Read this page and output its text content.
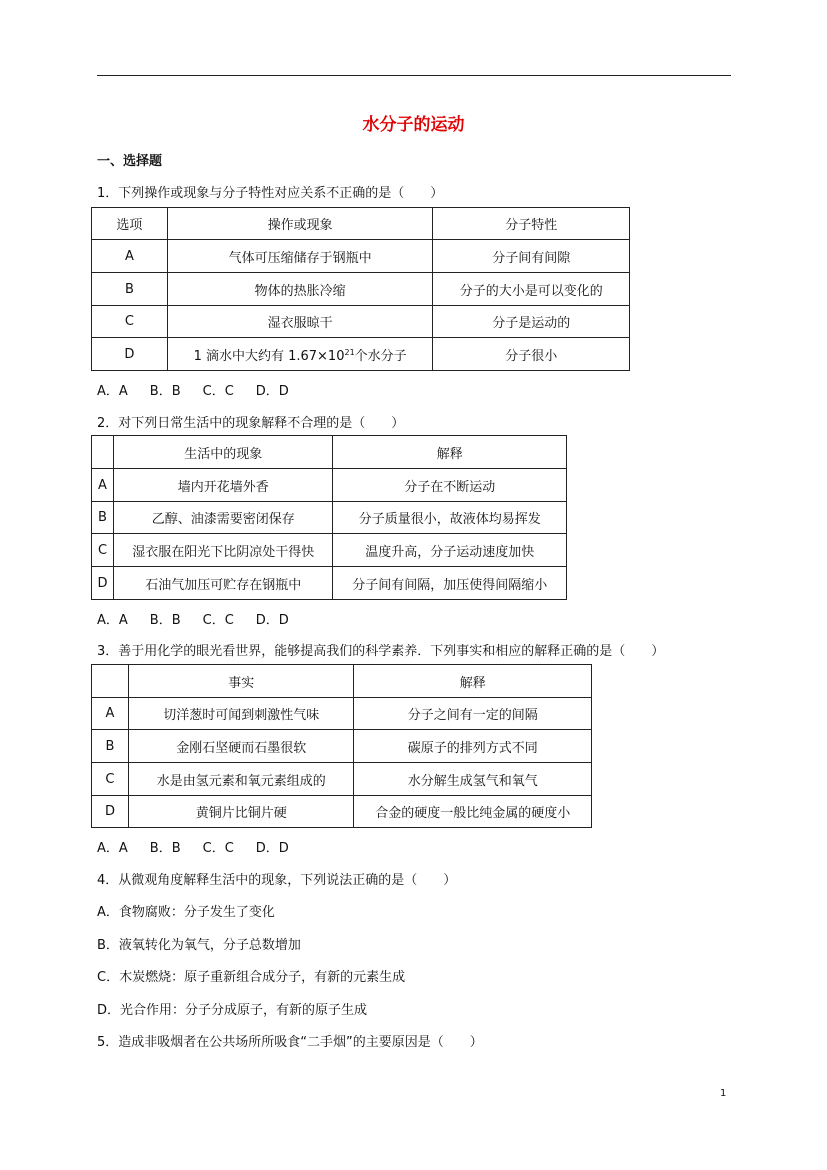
水分子的运动
一、选择题
1．下列操作或现象与分子特性对应关系不正确的是（　　）
选项	操作或现象	分子特性
A	气体可压缩储存于钢瓶中	分子间有间隙
B	物体的热胀冷缩	分子的大小是可以变化的
C	湿衣服晾干	分子是运动的
D	1 滴水中大约有 $1.67\times 10^{21}$个水分子	分子很小
A．A B．B C．C D．D
2．对下列日常生活中的现象解释不合理的是（　　）
	生活中的现象	解释
A	墙内开花墙外香	分子在不断运动
B	乙醇、油漆需要密闭保存	分子质量很小，故液体均易挥发
C	湿衣服在阳光下比阴凉处干得快	温度升高，分子运动速度加快
D	石油气加压可贮存在钢瓶中	分子间有间隔，加压使得间隔缩小
A．A B．B C．C D．D
3．善于用化学的眼光看世界，能够提高我们的科学素养．下列事实和相应的解释正确的是（　　）
	事实	解释
A	切洋葱时可闻到刺激性气味	分子之间有一定的间隔
B	金刚石坚硬而石墨很软	碳原子的排列方式不同
C	水是由氢元素和氧元素组成的	水分解生成氢气和氧气
D	黄铜片比铜片硬	合金的硬度一般比纯金属的硬度小
A．A B．B C．C D．D
4．从微观角度解释生活中的现象，下列说法正确的是（　　）
A．食物腐败：分子发生了变化
B．液氧转化为氧气，分子总数增加
C．木炭燃烧：原子重新组合成分子，有新的元素生成
D．光合作用：分子分成原子，有新的原子生成
5．造成非吸烟者在公共场所所吸食“二手烟”的主要原因是（　　）
1
